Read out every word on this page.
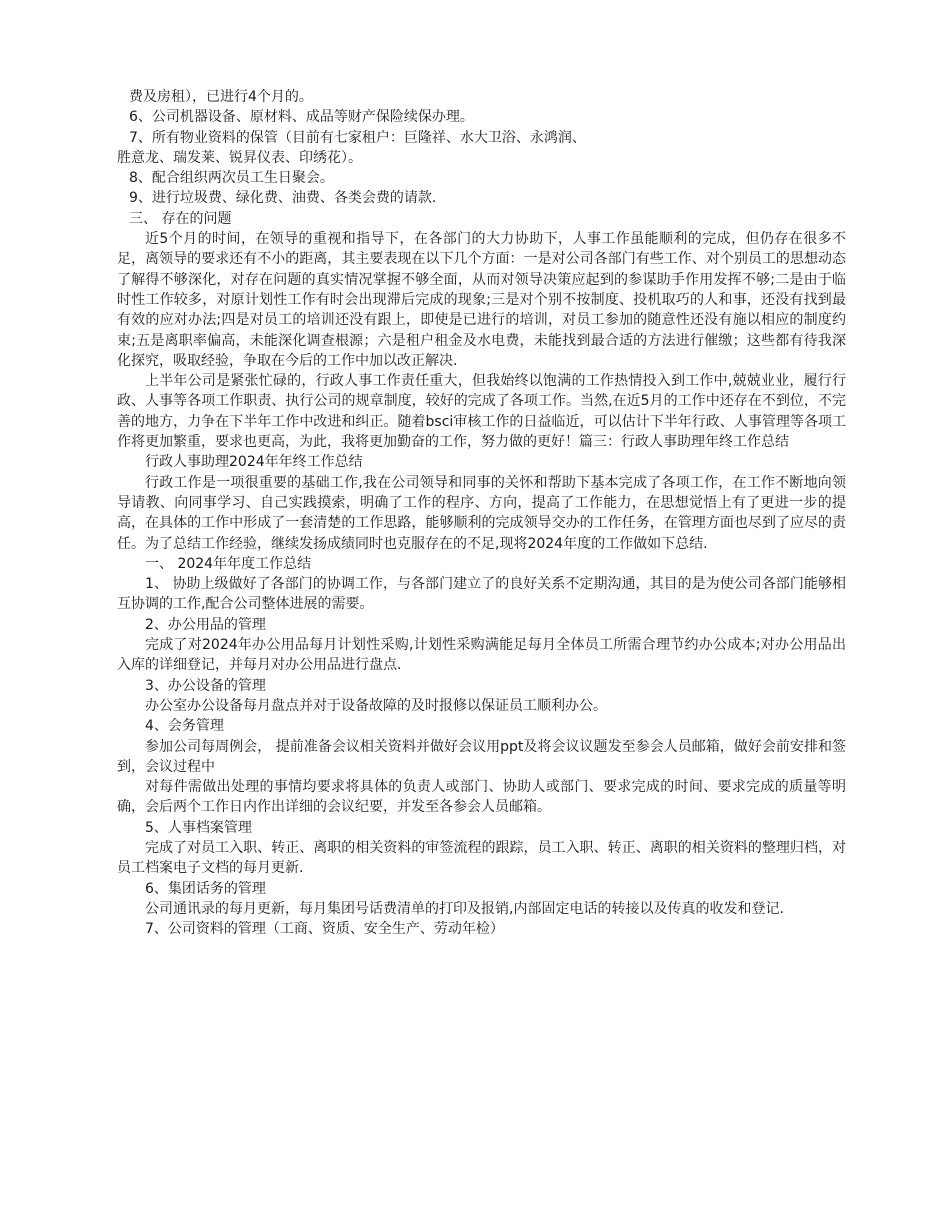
费及房租），已进行4个月的。

6、公司机器设备、原材料、成品等财产保险续保办理。

7、所有物业资料的保管（目前有七家租户：巨隆祥、水大卫浴、永鸿润、

胜意龙、瑞发莱、锐昇仪表、印绣花）。

8、配合组织两次员工生日聚会。

9、进行垃圾费、绿化费、油费、各类会费的请款.

三、 存在的问题

近5个月的时间，在领导的重视和指导下，在各部门的大力协助下，人事工作虽能顺利的完成，但仍存在很多不足，离领导的要求还有不小的距离，其主要表现在以下几个方面：一是对公司各部门有些工作、对个别员工的思想动态了解得不够深化，对存在问题的真实情况掌握不够全面，从而对领导决策应起到的参谋助手作用发挥不够;二是由于临时性工作较多，对原计划性工作有时会出现滞后完成的现象;三是对个别不按制度、投机取巧的人和事，还没有找到最有效的应对办法;四是对员工的培训还没有跟上，即使是已进行的培训，对员工参加的随意性还没有施以相应的制度约束;五是离职率偏高，未能深化调查根源；六是租户租金及水电费，未能找到最合适的方法进行催缴；这些都有待我深化探究，吸取经验，争取在今后的工作中加以改正解决.

上半年公司是紧张忙碌的，行政人事工作责任重大，但我始终以饱满的工作热情投入到工作中,兢兢业业，履行行政、人事等各项工作职责、执行公司的规章制度，较好的完成了各项工作。当然,在近5月的工作中还存在不到位，不完善的地方，力争在下半年工作中改进和纠正。随着bsci审核工作的日益临近，可以估计下半年行政、人事管理等各项工作将更加繁重，要求也更高，为此，我将更加勤奋的工作，努力做的更好！篇三：行政人事助理年终工作总结

行政人事助理2024年年终工作总结

行政工作是一项很重要的基础工作,我在公司领导和同事的关怀和帮助下基本完成了各项工作，在工作不断地向领导请教、向同事学习、自己实践摸索，明确了工作的程序、方向，提高了工作能力，在思想觉悟上有了更进一步的提高，在具体的工作中形成了一套清楚的工作思路，能够顺利的完成领导交办的工作任务，在管理方面也尽到了应尽的责任。为了总结工作经验，继续发扬成绩同时也克服存在的不足,现将2024年度的工作做如下总结.

一、 2024年年度工作总结

1、 协助上级做好了各部门的协调工作，与各部门建立了的良好关系不定期沟通，其目的是为使公司各部门能够相互协调的工作,配合公司整体进展的需要。

2、办公用品的管理

完成了对2024年办公用品每月计划性采购,计划性采购满能足每月全体员工所需合理节约办公成本;对办公用品出入库的详细登记，并每月对办公用品进行盘点.

3、办公设备的管理

办公室办公设备每月盘点并对于设备故障的及时报修以保证员工顺利办公。

4、会务管理

参加公司每周例会， 提前准备会议相关资料并做好会议用ppt及将会议议题发至参会人员邮箱，做好会前安排和签到，会议过程中

对每件需做出处理的事情均要求将具体的负责人或部门、协助人或部门、要求完成的时间、要求完成的质量等明确，会后两个工作日内作出详细的会议纪要，并发至各参会人员邮箱。

5、人事档案管理

完成了对员工入职、转正、离职的相关资料的审签流程的跟踪，员工入职、转正、离职的相关资料的整理归档，对员工档案电子文档的每月更新.

6、集团话务的管理

公司通讯录的每月更新，每月集团号话费清单的打印及报销,内部固定电话的转接以及传真的收发和登记.

7、公司资料的管理（工商、资质、安全生产、劳动年检）
